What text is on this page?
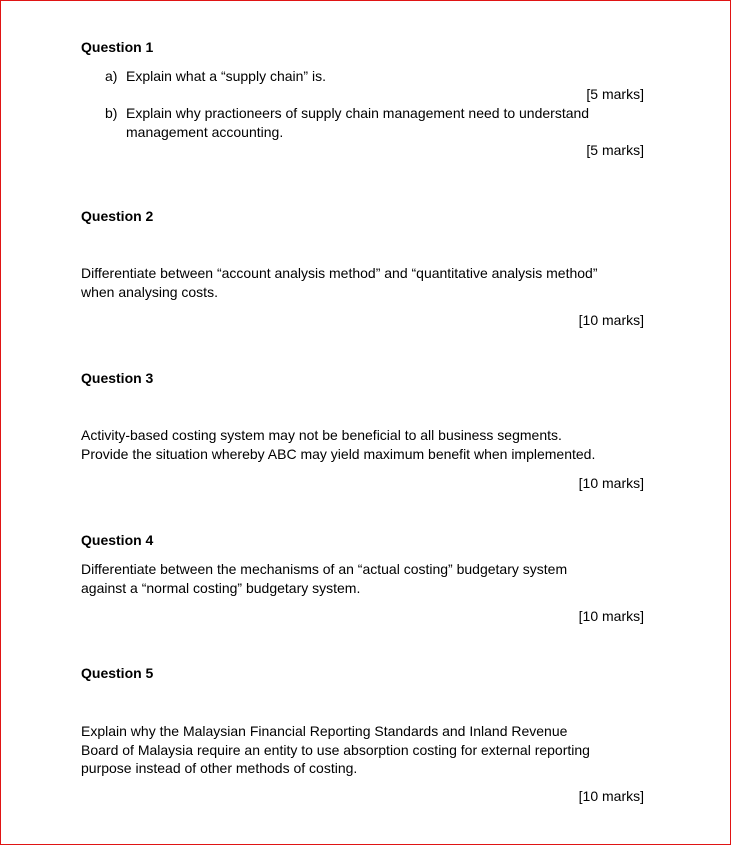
Question 1
a) Explain what a “supply chain” is.
[5 marks]
b) Explain why practioneers of supply chain management need to understand
management accounting.
[5 marks]
Question 2
Differentiate between “account analysis method” and “quantitative analysis method”
when analysing costs.
[10 marks]
Question 3
Activity-based costing system may not be beneficial to all business segments.
Provide the situation whereby ABC may yield maximum benefit when implemented.
[10 marks]
Question 4
Differentiate between the mechanisms of an “actual costing” budgetary system
against a “normal costing” budgetary system.
[10 marks]
Question 5
Explain why the Malaysian Financial Reporting Standards and Inland Revenue
Board of Malaysia require an entity to use absorption costing for external reporting
purpose instead of other methods of costing.
[10 marks]
